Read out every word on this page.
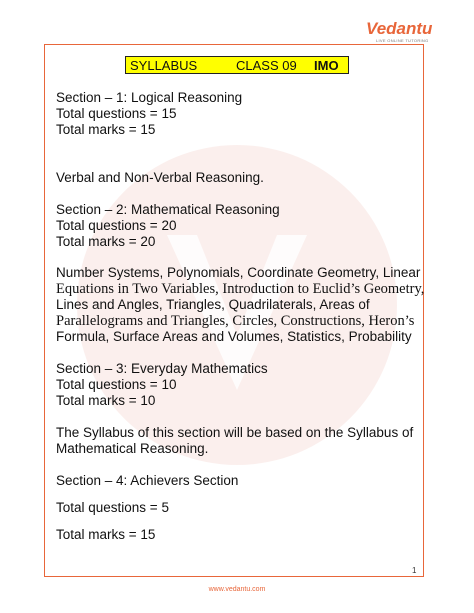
Vedantu
LIVE ONLINE TUTORING
SYLLABUS	CLASS 09 IMO
Section – 1: Logical Reasoning
Total questions = 15
Total marks = 15
Verbal and Non-Verbal Reasoning.
Section – 2: Mathematical Reasoning
Total questions = 20
Total marks = 20
Number Systems, Polynomials, Coordinate Geometry, Linear
Equations in Two Variables, Introduction to Euclid’s Geometry,
Lines and Angles, Triangles, Quadrilaterals, Areas of
Parallelograms and Triangles, Circles, Constructions, Heron’s
Formula, Surface Areas and Volumes, Statistics, Probability
Section – 3: Everyday Mathematics
Total questions = 10
Total marks = 10
The Syllabus of this section will be based on the Syllabus of
Mathematical Reasoning.
Section – 4: Achievers Section
Total questions = 5
Total marks = 15
1
www.vedantu.com
